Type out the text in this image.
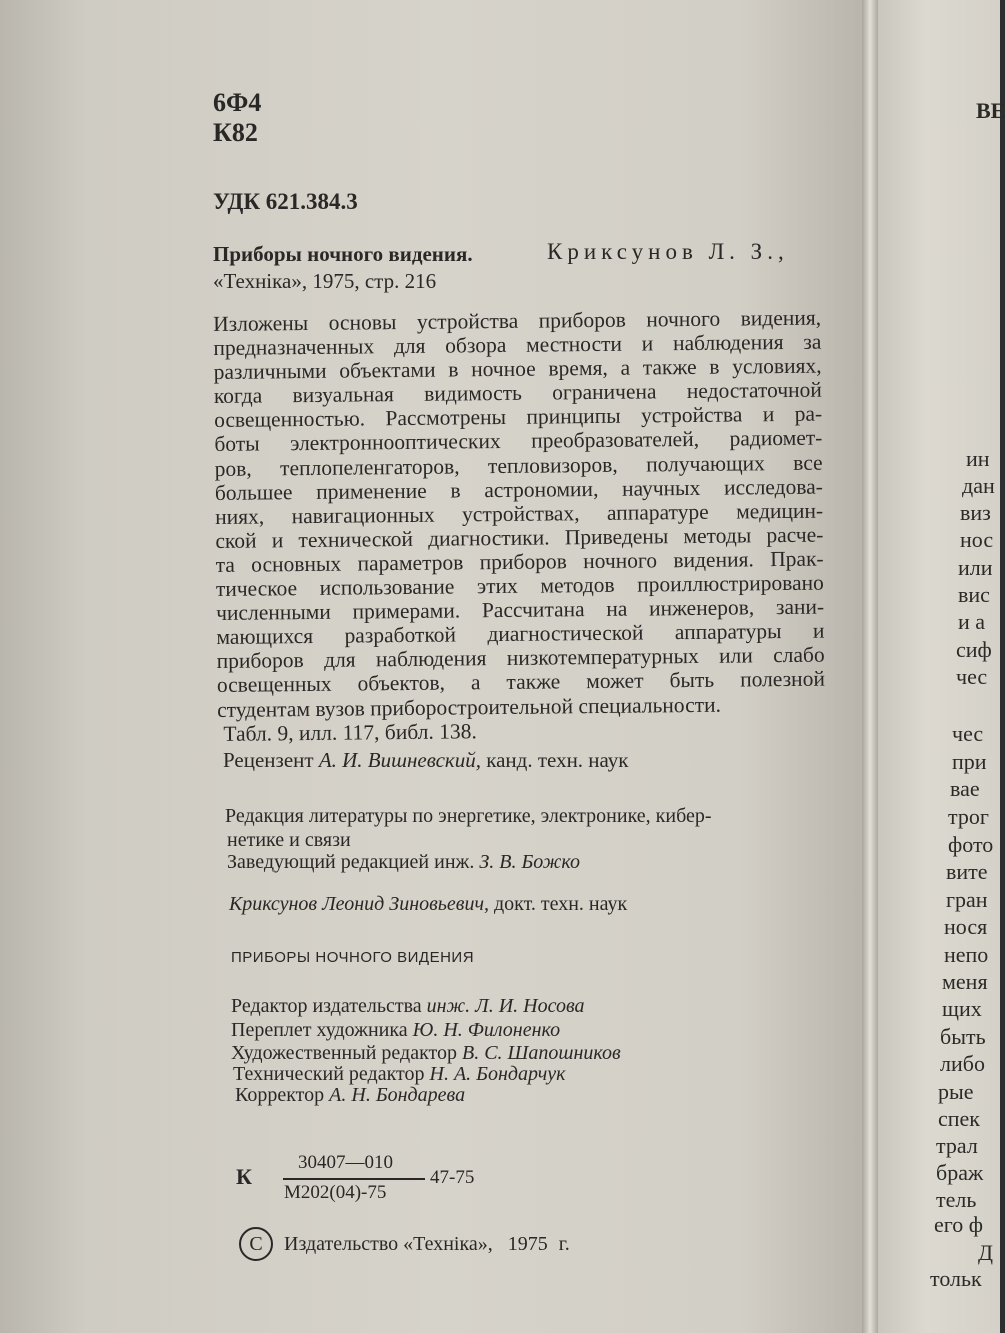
6Ф4
К82
УДК 621.384.3
Приборы ночного видения.	Криксунов Л. З.,
«Техніка», 1975, стр. 216
Изложены основы устройства приборов ночного видения,
предназначенных для обзора местности и наблюдения за
различными объектами в ночное время, а также в условиях,
когда визуальная видимость ограничена недостаточной
освещенностью. Рассмотрены принципы устройства и ра-
боты электроннооптических преобразователей, радиомет-
ров, теплопеленгаторов, тепловизоров, получающих все
большее применение в астрономии, научных исследова-
ниях, навигационных устройствах, аппаратуре медицин-
ской и технической диагностики. Приведены методы расче-
та основных параметров приборов ночного видения. Прак-
тическое использование этих методов проиллюстрировано
численными примерами. Рассчитана на инженеров, зани-
мающихся разработкой диагностической аппаратуры и
приборов для наблюдения низкотемпературных или слабо
освещенных объектов, а также может быть полезной
студентам вузов приборостроительной специальности.
Табл. 9, илл. 117, библ. 138.
Рецензент А. И. Вишневский, канд. техн. наук
Редакция литературы по энергетике, электронике, кибер-
нетике и связи
Заведующий редакцией инж. З. В. Божко
Криксунов Леонид Зиновьевич, докт. техн. наук
ПРИБОРЫ НОЧНОГО ВИДЕНИЯ
Редактор издательства инж. Л. И. Носова
Переплет художника Ю. Н. Филоненко
Художественный редактор В. С. Шапошников
Технический редактор Н. А. Бондарчук
Корректор А. Н. Бондарева
К
30407—010
М202(04)-75
47-75
C	Издательство «Техніка», 1975 г.
ВЕ
ин
дан
виз
нос
или
вис
и а
сиф
чес
чес
при
вае
трог
фото
вите
гран
нося
непо
меня
щих
быть
либо
рые
спек
трал
браж
тель
его ф
Д
тольк
